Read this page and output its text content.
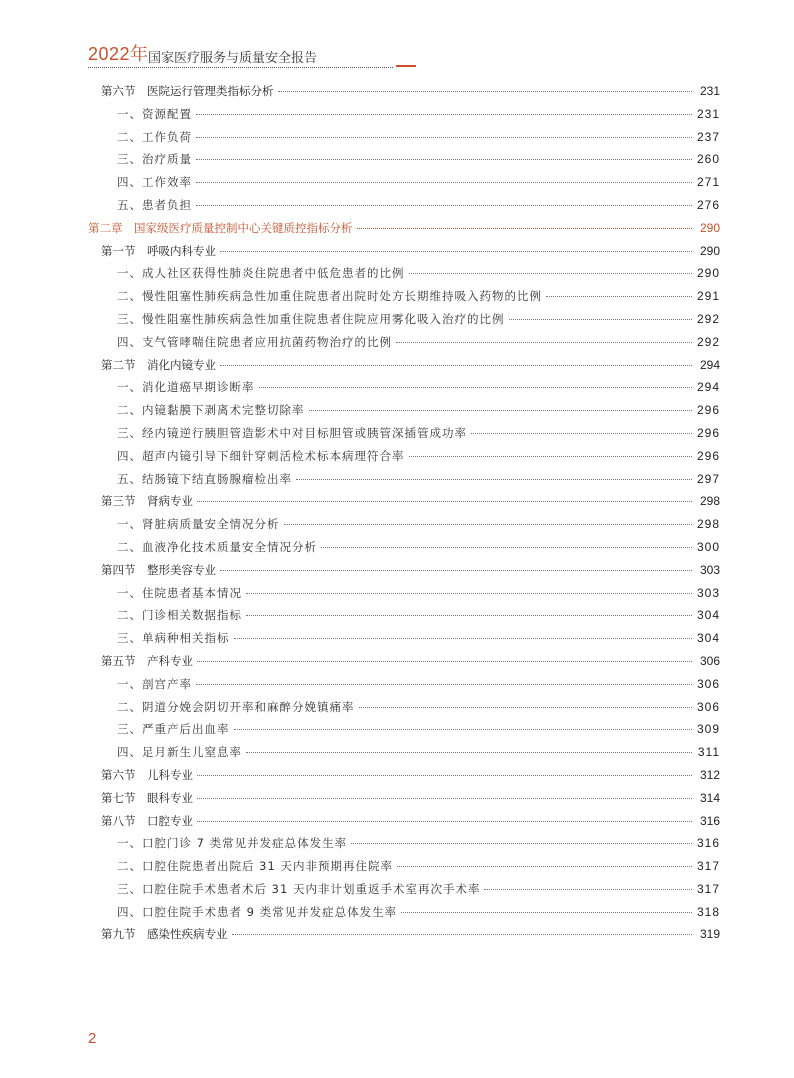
2022年 国家医疗服务与质量安全报告
第六节　医院运行管理类指标分析	231
一、资源配置	231
二、工作负荷	237
三、治疗质量	260
四、工作效率	271
五、患者负担	276
第二章　国家级医疗质量控制中心关键质控指标分析	290
第一节　呼吸内科专业	290
一、成人社区获得性肺炎住院患者中低危患者的比例	290
二、慢性阻塞性肺疾病急性加重住院患者出院时处方长期维持吸入药物的比例	291
三、慢性阻塞性肺疾病急性加重住院患者住院应用雾化吸入治疗的比例	292
四、支气管哮喘住院患者应用抗菌药物治疗的比例	292
第二节　消化内镜专业	294
一、消化道癌早期诊断率	294
二、内镜黏膜下剥离术完整切除率	296
三、经内镜逆行胰胆管造影术中对目标胆管或胰管深插管成功率	296
四、超声内镜引导下细针穿刺活检术标本病理符合率	296
五、结肠镜下结直肠腺瘤检出率	297
第三节　肾病专业	298
一、肾脏病质量安全情况分析	298
二、血液净化技术质量安全情况分析	300
第四节　整形美容专业	303
一、住院患者基本情况	303
二、门诊相关数据指标	304
三、单病种相关指标	304
第五节　产科专业	306
一、剖宫产率	306
二、阴道分娩会阴切开率和麻醉分娩镇痛率	306
三、严重产后出血率	309
四、足月新生儿窒息率	311
第六节　儿科专业	312
第七节　眼科专业	314
第八节　口腔专业	316
一、口腔门诊 7 类常见并发症总体发生率	316
二、口腔住院患者出院后 31 天内非预期再住院率	317
三、口腔住院手术患者术后 31 天内非计划重返手术室再次手术率	317
四、口腔住院手术患者 9 类常见并发症总体发生率	318
第九节　感染性疾病专业	319
2
